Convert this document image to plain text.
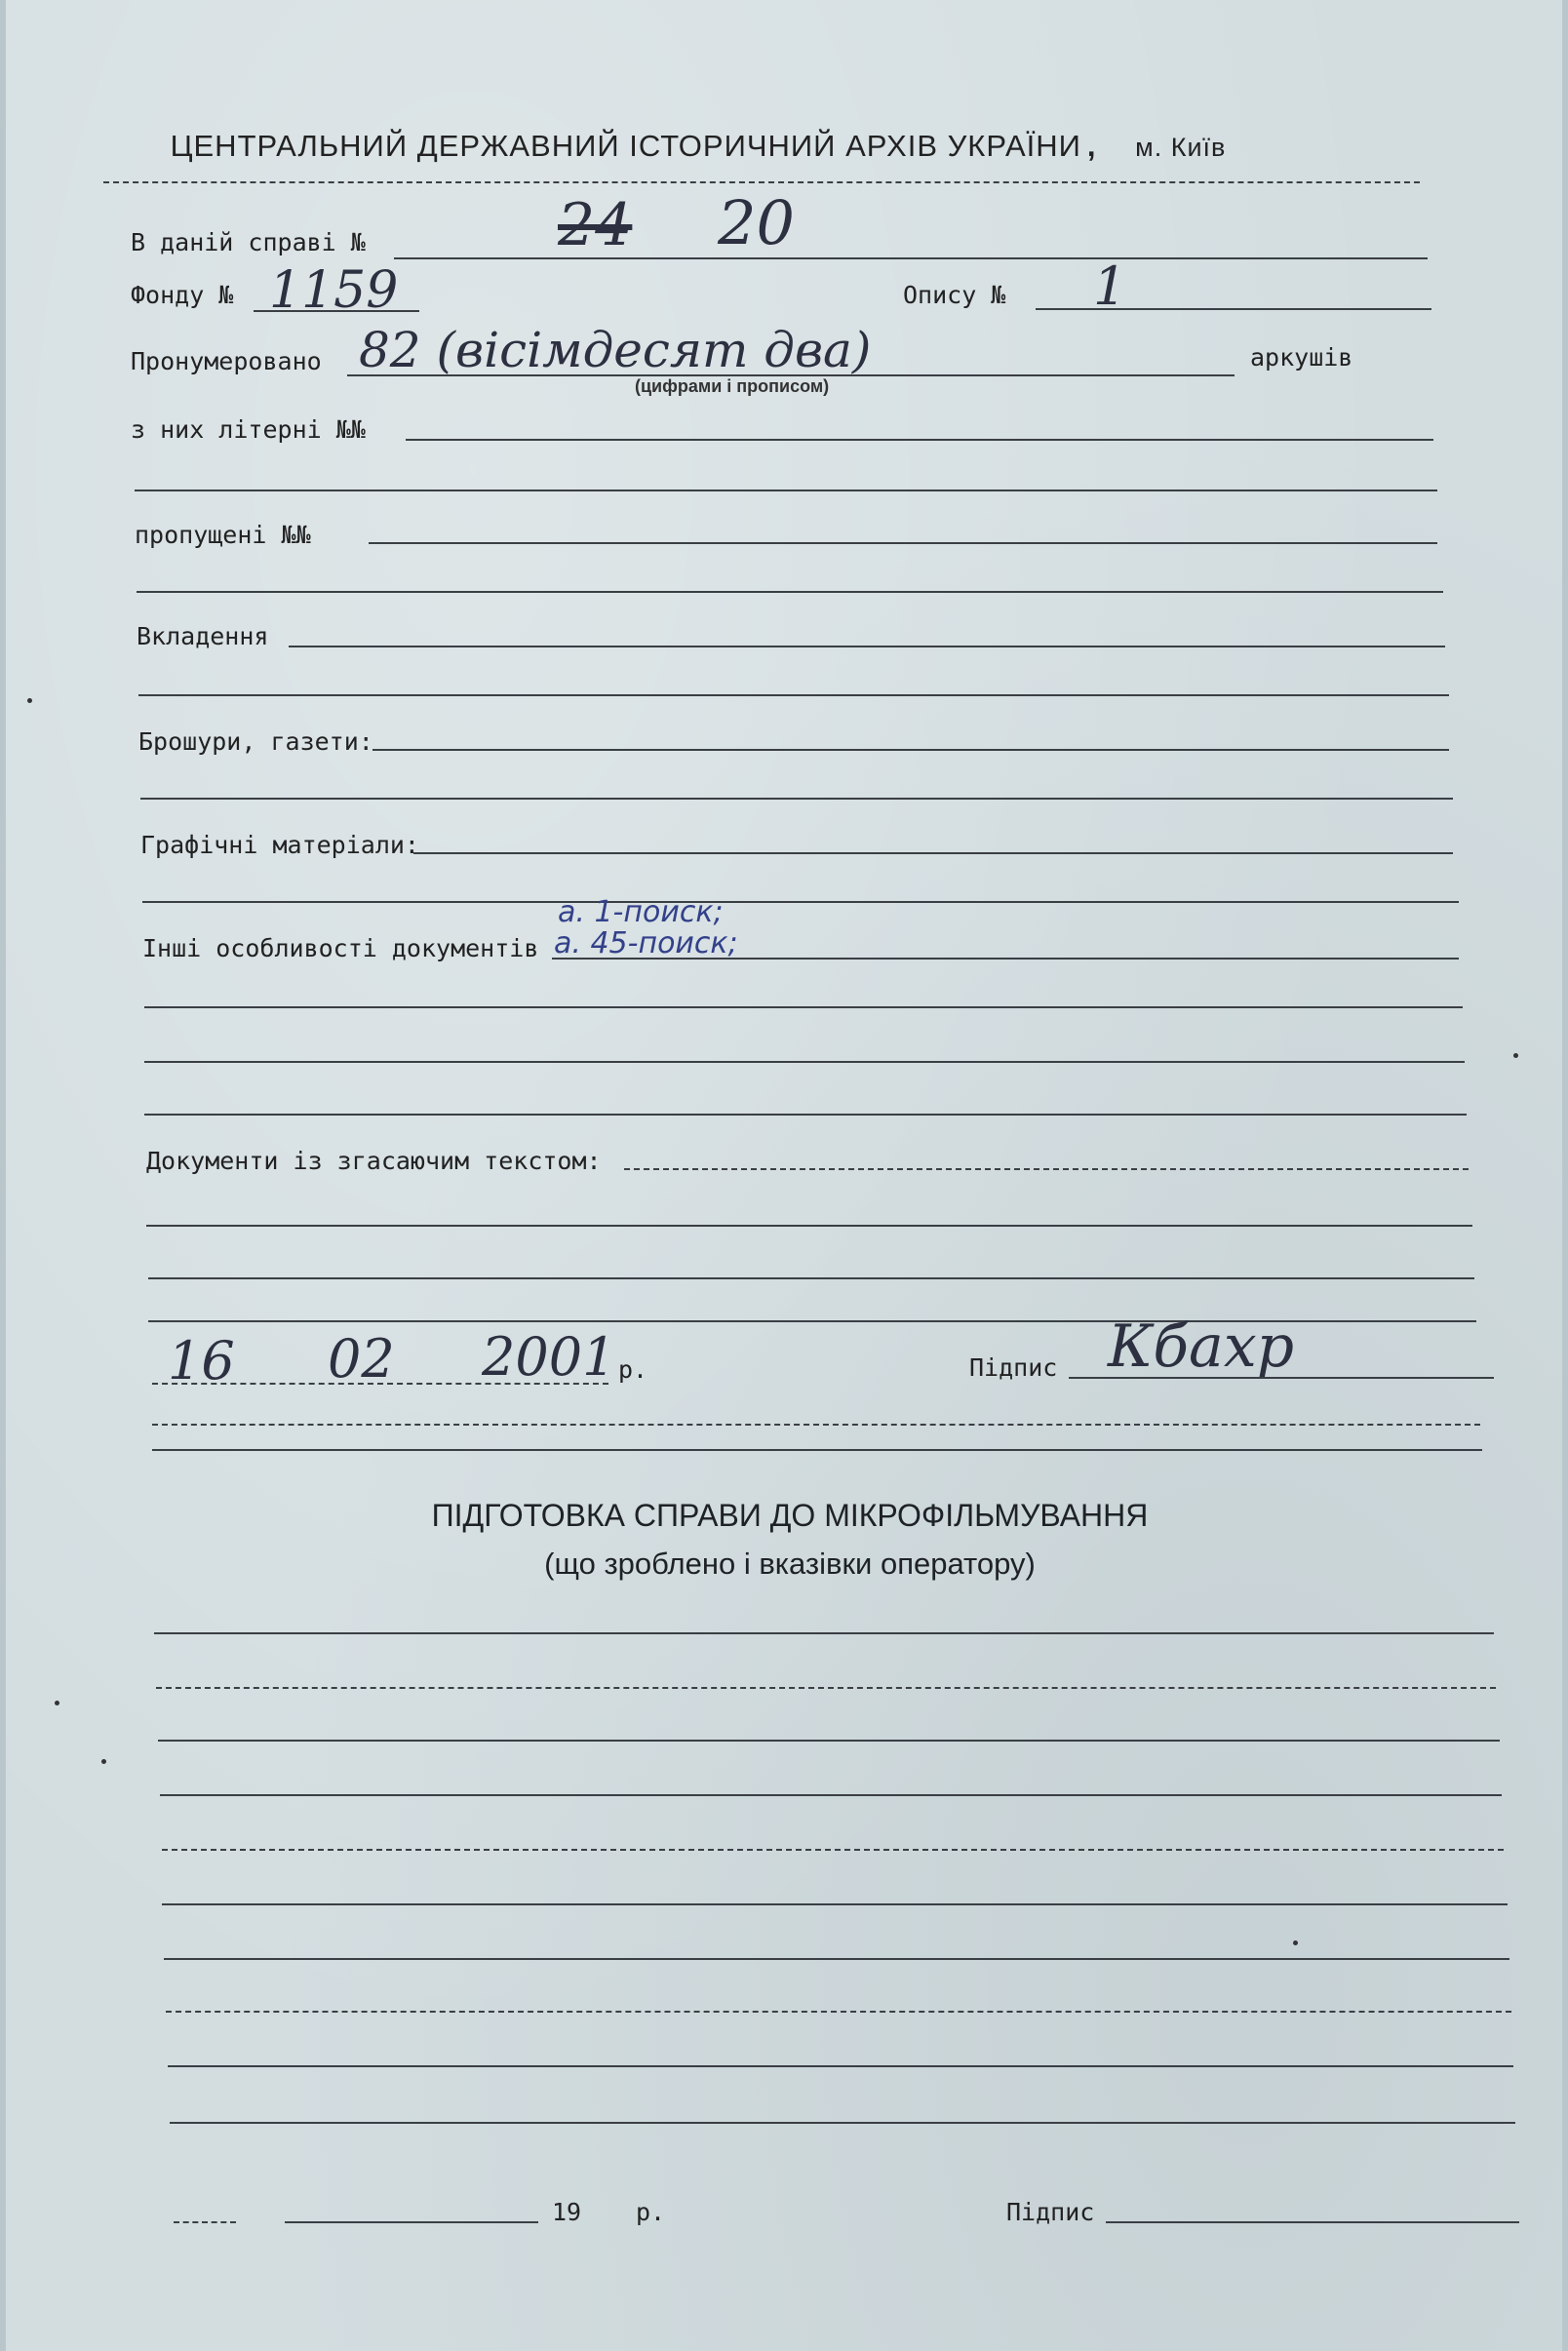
ЦЕНТРАЛЬНИЙ ДЕРЖАВНИЙ ІСТОРИЧНИЙ АРХІВ УКРАЇНИ , м. Київ
В даній справі №	24 20
Фонду № 1159	Опису № 1
Пронумеровано 82 (вісімдесят два)
(цифрами і прописом)
аркушів
з них літерні №№
пропущені №№
Вкладення
Брошури, газети:
Графічні матеріали:
Інші особливості документів
а. 1-поиск;
а. 45-поиск;
Документи із згасаючим текстом:
16 02 2001 р.	Підпис Кбахр
ПІДГОТОВКА СПРАВИ ДО МІКРОФІЛЬМУВАННЯ
(що зроблено і вказівки оператору)
19 р.	Підпис
